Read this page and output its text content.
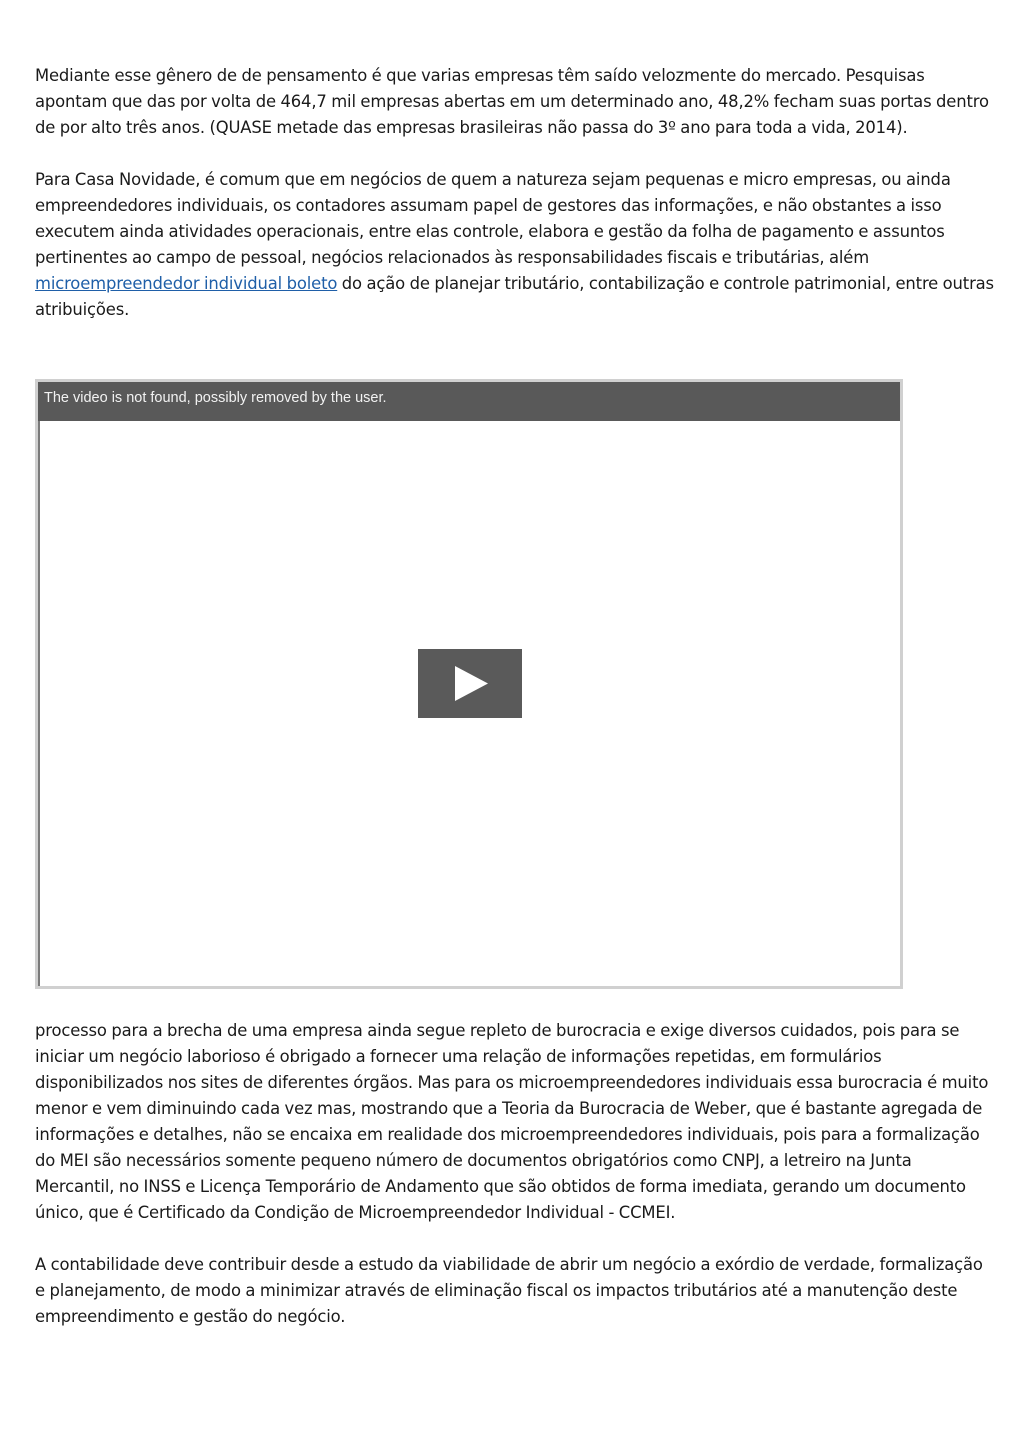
Mediante esse gênero de de pensamento é que varias empresas têm saído velozmente do mercado. Pesquisas apontam que das por volta de 464,7 mil empresas abertas em um determinado ano, 48,2% fecham suas portas dentro de por alto três anos. (QUASE metade das empresas brasileiras não passa do 3º ano para toda a vida, 2014).

Para Casa Novidade, é comum que em negócios de quem a natureza sejam pequenas e micro empresas, ou ainda empreendedores individuais, os contadores assumam papel de gestores das informações, e não obstantes a isso executem ainda atividades operacionais, entre elas controle, elabora e gestão da folha de pagamento e assuntos pertinentes ao campo de pessoal, negócios relacionados às responsabilidades fiscais e tributárias, além microempreendedor individual boleto do ação de planejar tributário, contabilização e controle patrimonial, entre outras atribuições.

The video is not found, possibly removed by the user.

processo para a brecha de uma empresa ainda segue repleto de burocracia e exige diversos cuidados, pois para se iniciar um negócio laborioso é obrigado a fornecer uma relação de informações repetidas, em formulários disponibilizados nos sites de diferentes órgãos. Mas para os microempreendedores individuais essa burocracia é muito menor e vem diminuindo cada vez mas, mostrando que a Teoria da Burocracia de Weber, que é bastante agregada de informações e detalhes, não se encaixa em realidade dos microempreendedores individuais, pois para a formalização do MEI são necessários somente pequeno número de documentos obrigatórios como CNPJ, a letreiro na Junta Mercantil, no INSS e Licença Temporário de Andamento que são obtidos de forma imediata, gerando um documento único, que é Certificado da Condição de Microempreendedor Individual - CCMEI.

A contabilidade deve contribuir desde a estudo da viabilidade de abrir um negócio a exórdio de verdade, formalização e planejamento, de modo a minimizar através de eliminação fiscal os impactos tributários até a manutenção deste empreendimento e gestão do negócio.
